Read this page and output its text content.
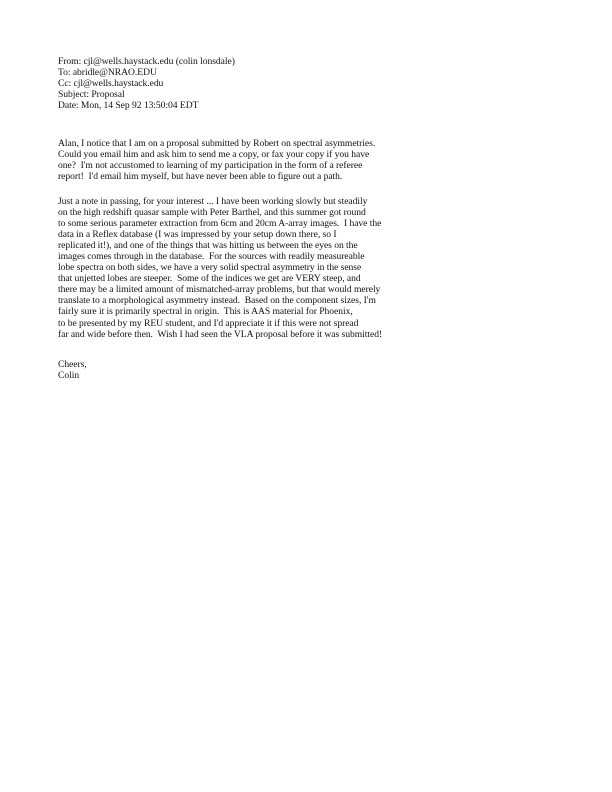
From: cjl@wells.haystack.edu (colin lonsdale)
To: abridle@NRAO.EDU
Cc: cjl@wells.haystack.edu
Subject: Proposal
Date: Mon, 14 Sep 92 13:50:04 EDT
Alan, I notice that I am on a proposal submitted by Robert on spectral asymmetries.
Could you email him and ask him to send me a copy, or fax your copy if you have
one?  I'm not accustomed to learning of my participation in the form of a referee
report!  I'd email him myself, but have never been able to figure out a path.
Just a note in passing, for your interest ... I have been working slowly but steadily
on the high redshift quasar sample with Peter Barthel, and this summer got round
to some serious parameter extraction from 6cm and 20cm A-array images.  I have the
data in a Reflex database (I was impressed by your setup down there, so I
replicated it!), and one of the things that was hitting us between the eyes on the
images comes through in the database.  For the sources with readily measureable
lobe spectra on both sides, we have a very solid spectral asymmetry in the sense
that unjetted lobes are steeper.  Some of the indices we get are VERY steep, and
there may be a limited amount of mismatched-array problems, but that would merely
translate to a morphological asymmetry instead.  Based on the component sizes, I'm
fairly sure it is primarily spectral in origin.  This is AAS material for Phoenix,
to be presented by my REU student, and I'd appreciate it if this were not spread
far and wide before then.  Wish I had seen the VLA proposal before it was submitted!
Cheers,
Colin
